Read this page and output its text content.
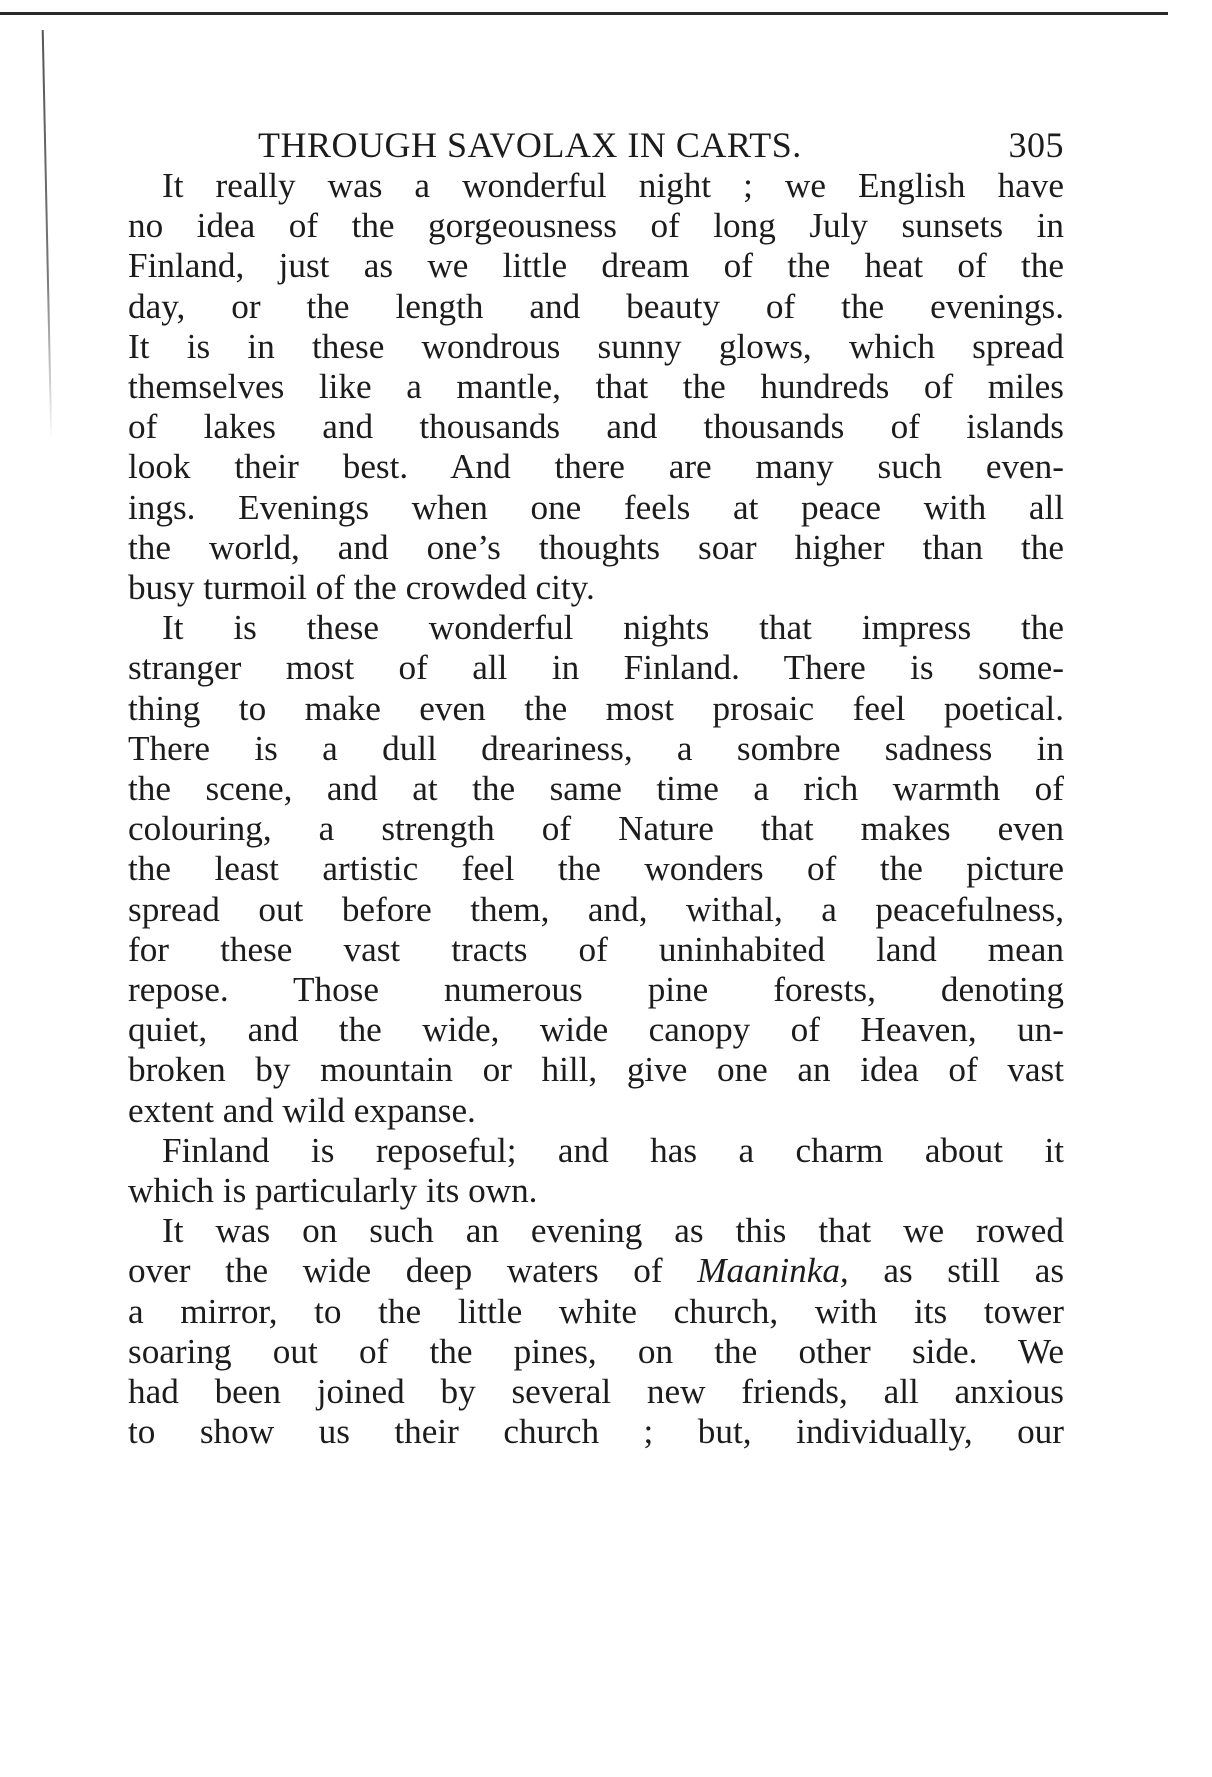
THROUGH SAVOLAX IN CARTS.	305
It really was a wonderful night ; we English have
no idea of the gorgeousness of long July sunsets in
Finland, just as we little dream of the heat of the
day, or the length and beauty of the evenings.
It is in these wondrous sunny glows, which spread
themselves like a mantle, that the hundreds of miles
of lakes and thousands and thousands of islands
look their best. And there are many such even-
ings. Evenings when one feels at peace with all
the world, and one’s thoughts soar higher than the
busy turmoil of the crowded city.
It is these wonderful nights that impress the
stranger most of all in Finland. There is some-
thing to make even the most prosaic feel poetical.
There is a dull dreariness, a sombre sadness in
the scene, and at the same time a rich warmth of
colouring, a strength of Nature that makes even
the least artistic feel the wonders of the picture
spread out before them, and, withal, a peacefulness,
for these vast tracts of uninhabited land mean
repose. Those numerous pine forests, denoting
quiet, and the wide, wide canopy of Heaven, un-
broken by mountain or hill, give one an idea of vast
extent and wild expanse.
Finland is reposeful; and has a charm about it
which is particularly its own.
It was on such an evening as this that we rowed
over the wide deep waters of Maaninka, as still as
a mirror, to the little white church, with its tower
soaring out of the pines, on the other side. We
had been joined by several new friends, all anxious
to show us their church ; but, individually, our
